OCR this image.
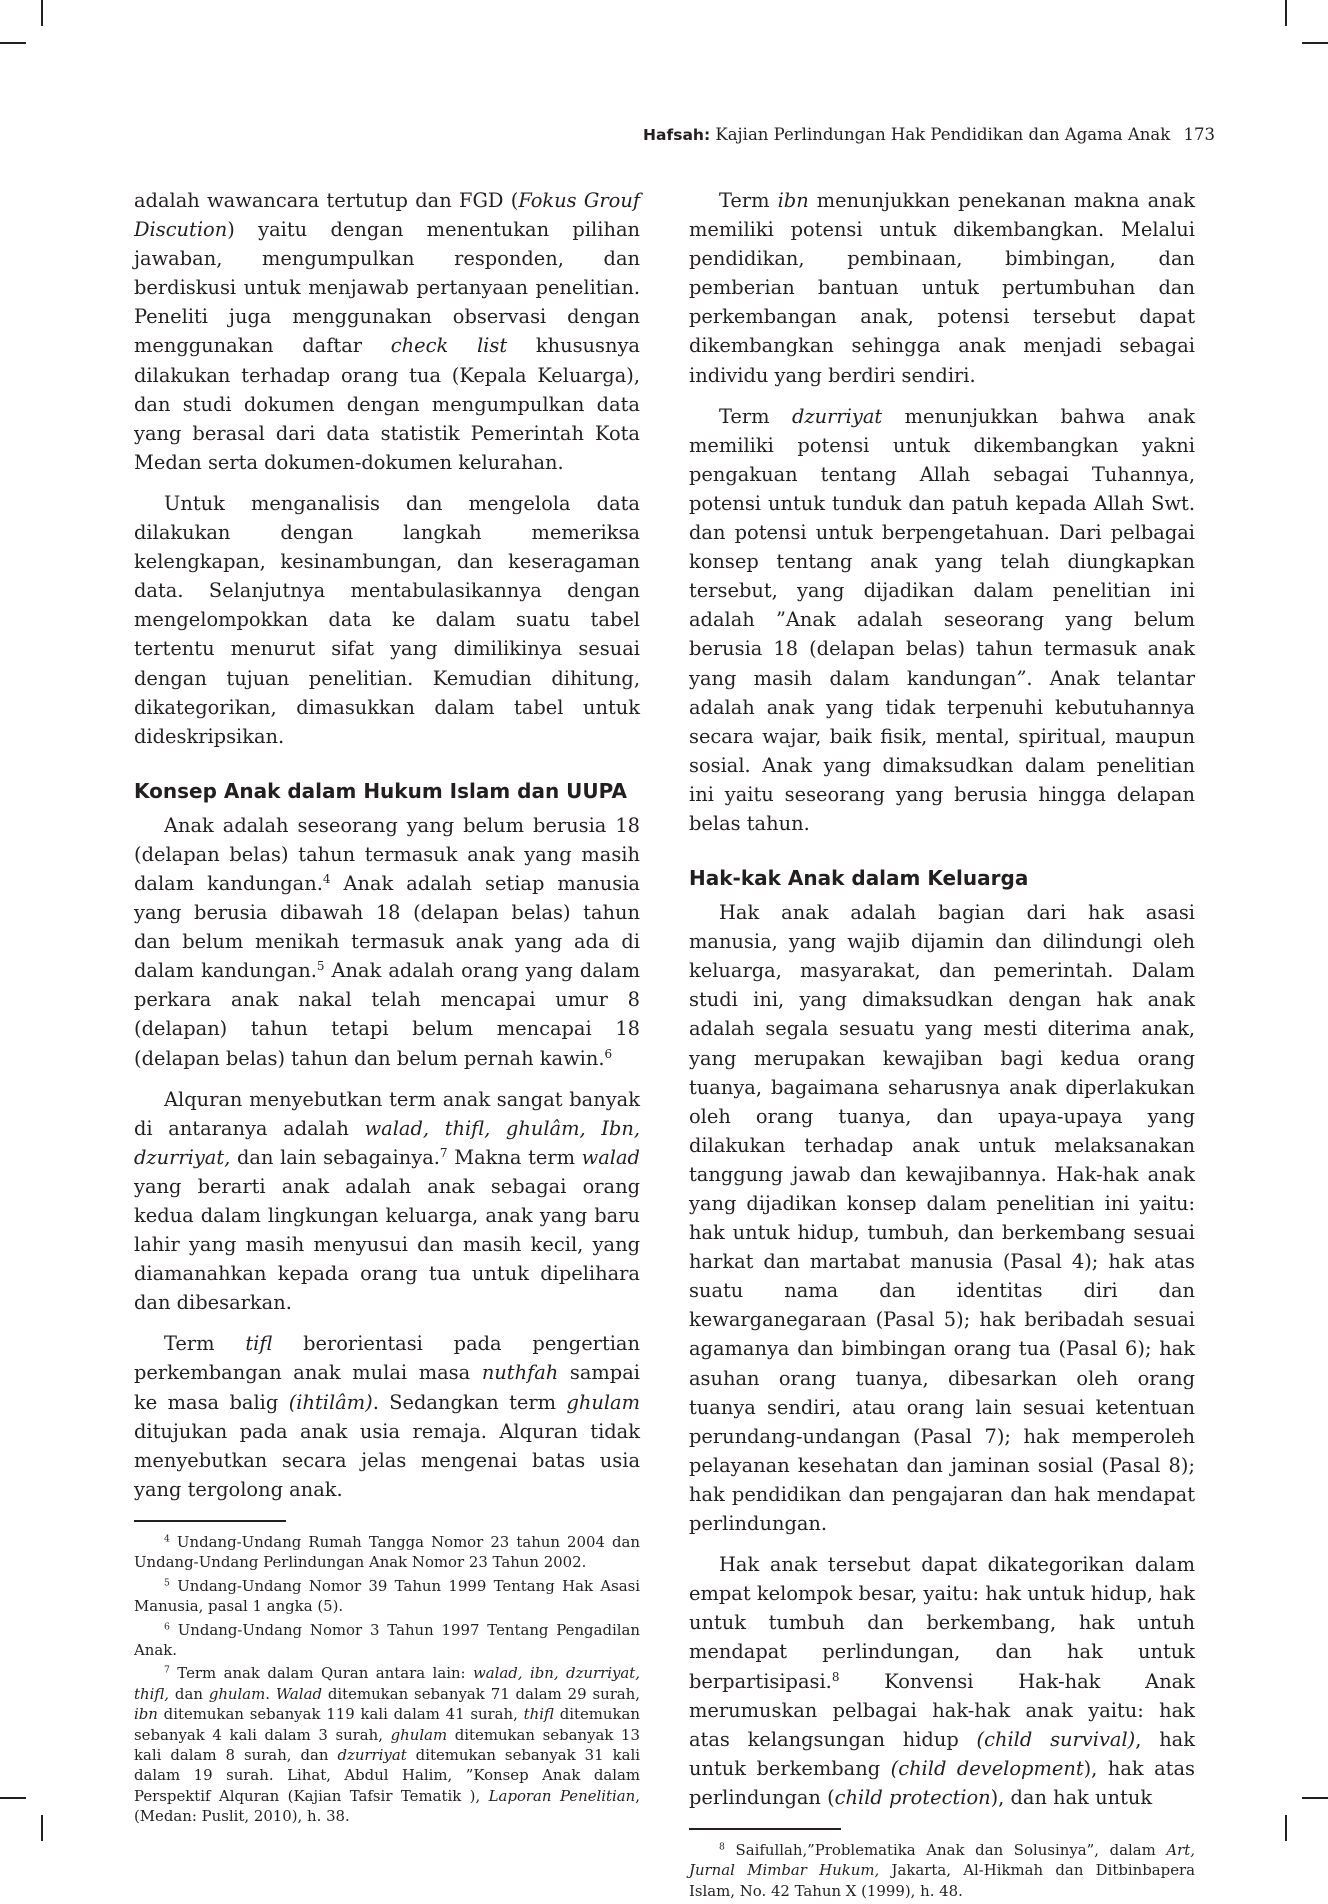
Hafsah: Kajian Perlindungan Hak Pendidikan dan Agama Anak 173

adalah wawancara tertutup dan FGD (Fokus Grouf Discution) yaitu dengan menentukan pilihan jawaban, mengumpulkan responden, dan berdiskusi untuk menjawab pertanyaan penelitian. Peneliti juga menggunakan observasi dengan menggunakan daftar check list khususnya dilakukan terhadap orang tua (Kepala Keluarga), dan studi dokumen dengan mengumpulkan data yang berasal dari data statistik Pemerintah Kota Medan serta dokumen-dokumen kelurahan.

Untuk menganalisis dan mengelola data dilakukan dengan langkah memeriksa kelengkapan, kesinambungan, dan keseragaman data. Selanjutnya mentabulasikannya dengan mengelompokkan data ke dalam suatu tabel tertentu menurut sifat yang dimilikinya sesuai dengan tujuan penelitian. Kemudian dihitung, dikategorikan, dimasukkan dalam tabel untuk dideskripsikan.

Konsep Anak dalam Hukum Islam dan UUPA

Anak adalah seseorang yang belum berusia 18 (delapan belas) tahun termasuk anak yang masih dalam kandungan.$^4$ Anak adalah setiap manusia yang berusia dibawah 18 (delapan belas) tahun dan belum menikah termasuk anak yang ada di dalam kandungan.$^5$ Anak adalah orang yang dalam perkara anak nakal telah mencapai umur 8 (delapan) tahun tetapi belum mencapai 18 (delapan belas) tahun dan belum pernah kawin.$^6$

Alquran menyebutkan term anak sangat banyak di antaranya adalah walad, thifl, ghulâm, Ibn, dzurriyat, dan lain sebagainya.$^7$ Makna term walad yang berarti anak adalah anak sebagai orang kedua dalam lingkungan keluarga, anak yang baru lahir yang masih menyusui dan masih kecil, yang diamanahkan kepada orang tua untuk dipelihara dan dibesarkan.

Term tifl berorientasi pada pengertian perkembangan anak mulai masa nuthfah sampai ke masa balig (ihtilâm). Sedangkan term ghulam ditujukan pada anak usia remaja. Alquran tidak menyebutkan secara jelas mengenai batas usia yang tergolong anak.

$^4$ Undang-Undang Rumah Tangga Nomor 23 tahun 2004 dan Undang-Undang Perlindungan Anak Nomor 23 Tahun 2002.

$^5$ Undang-Undang Nomor 39 Tahun 1999 Tentang Hak Asasi Manusia, pasal 1 angka (5).

$^6$ Undang-Undang Nomor 3 Tahun 1997 Tentang Pengadilan Anak.

$^7$ Term anak dalam Quran antara lain: walad, ibn, dzurriyat, thifl, dan ghulam. Walad ditemukan sebanyak 71 dalam 29 surah, ibn ditemukan sebanyak 119 kali dalam 41 surah, thifl ditemukan sebanyak 4 kali dalam 3 surah, ghulam ditemukan sebanyak 13 kali dalam 8 surah, dan dzurriyat ditemukan sebanyak 31 kali dalam 19 surah. Lihat, Abdul Halim, ”Konsep Anak dalam Perspektif Alquran (Kajian Tafsir Tematik ), Laporan Penelitian, (Medan: Puslit, 2010), h. 38.

Term ibn menunjukkan penekanan makna anak memiliki potensi untuk dikembangkan. Melalui pendidikan, pembinaan, bimbingan, dan pemberian bantuan untuk pertumbuhan dan perkembangan anak, potensi tersebut dapat dikembangkan sehingga anak menjadi sebagai individu yang berdiri sendiri.

Term dzurriyat menunjukkan bahwa anak memiliki potensi untuk dikembangkan yakni pengakuan tentang Allah sebagai Tuhannya, potensi untuk tunduk dan patuh kepada Allah Swt. dan potensi untuk berpengetahuan. Dari pelbagai konsep tentang anak yang telah diungkapkan tersebut, yang dijadikan dalam penelitian ini adalah ”Anak adalah seseorang yang belum berusia 18 (delapan belas) tahun termasuk anak yang masih dalam kandungan”. Anak telantar adalah anak yang tidak terpenuhi kebutuhannya secara wajar, baik fisik, mental, spiritual, maupun sosial. Anak yang dimaksudkan dalam penelitian ini yaitu seseorang yang berusia hingga delapan belas tahun.

Hak-kak Anak dalam Keluarga

Hak anak adalah bagian dari hak asasi manusia, yang wajib dijamin dan dilindungi oleh keluarga, masyarakat, dan pemerintah. Dalam studi ini, yang dimaksudkan dengan hak anak adalah segala sesuatu yang mesti diterima anak, yang merupakan kewajiban bagi kedua orang tuanya, bagaimana seharusnya anak diperlakukan oleh orang tuanya, dan upaya-upaya yang dilakukan terhadap anak untuk melaksanakan tanggung jawab dan kewajibannya. Hak-hak anak yang dijadikan konsep dalam penelitian ini yaitu: hak untuk hidup, tumbuh, dan berkembang sesuai harkat dan martabat manusia (Pasal 4); hak atas suatu nama dan identitas diri dan kewarganegaraan (Pasal 5); hak beribadah sesuai agamanya dan bimbingan orang tua (Pasal 6); hak asuhan orang tuanya, dibesarkan oleh orang tuanya sendiri, atau orang lain sesuai ketentuan perundang-undangan (Pasal 7); hak memperoleh pelayanan kesehatan dan jaminan sosial (Pasal 8); hak pendidikan dan pengajaran dan hak mendapat perlindungan.

Hak anak tersebut dapat dikategorikan dalam empat kelompok besar, yaitu: hak untuk hidup, hak untuk tumbuh dan berkembang, hak untuh mendapat perlindungan, dan hak untuk berpartisipasi.$^8$ Konvensi Hak-hak Anak merumuskan pelbagai hak-hak anak yaitu: hak atas kelangsungan hidup (child survival), hak untuk berkembang (child development), hak atas perlindungan (child protection), dan hak untuk

$^8$ Saifullah,”Problematika Anak dan Solusinya”, dalam Art, Jurnal Mimbar Hukum, Jakarta, Al-Hikmah dan Ditbinbapera Islam, No. 42 Tahun X (1999), h. 48.
